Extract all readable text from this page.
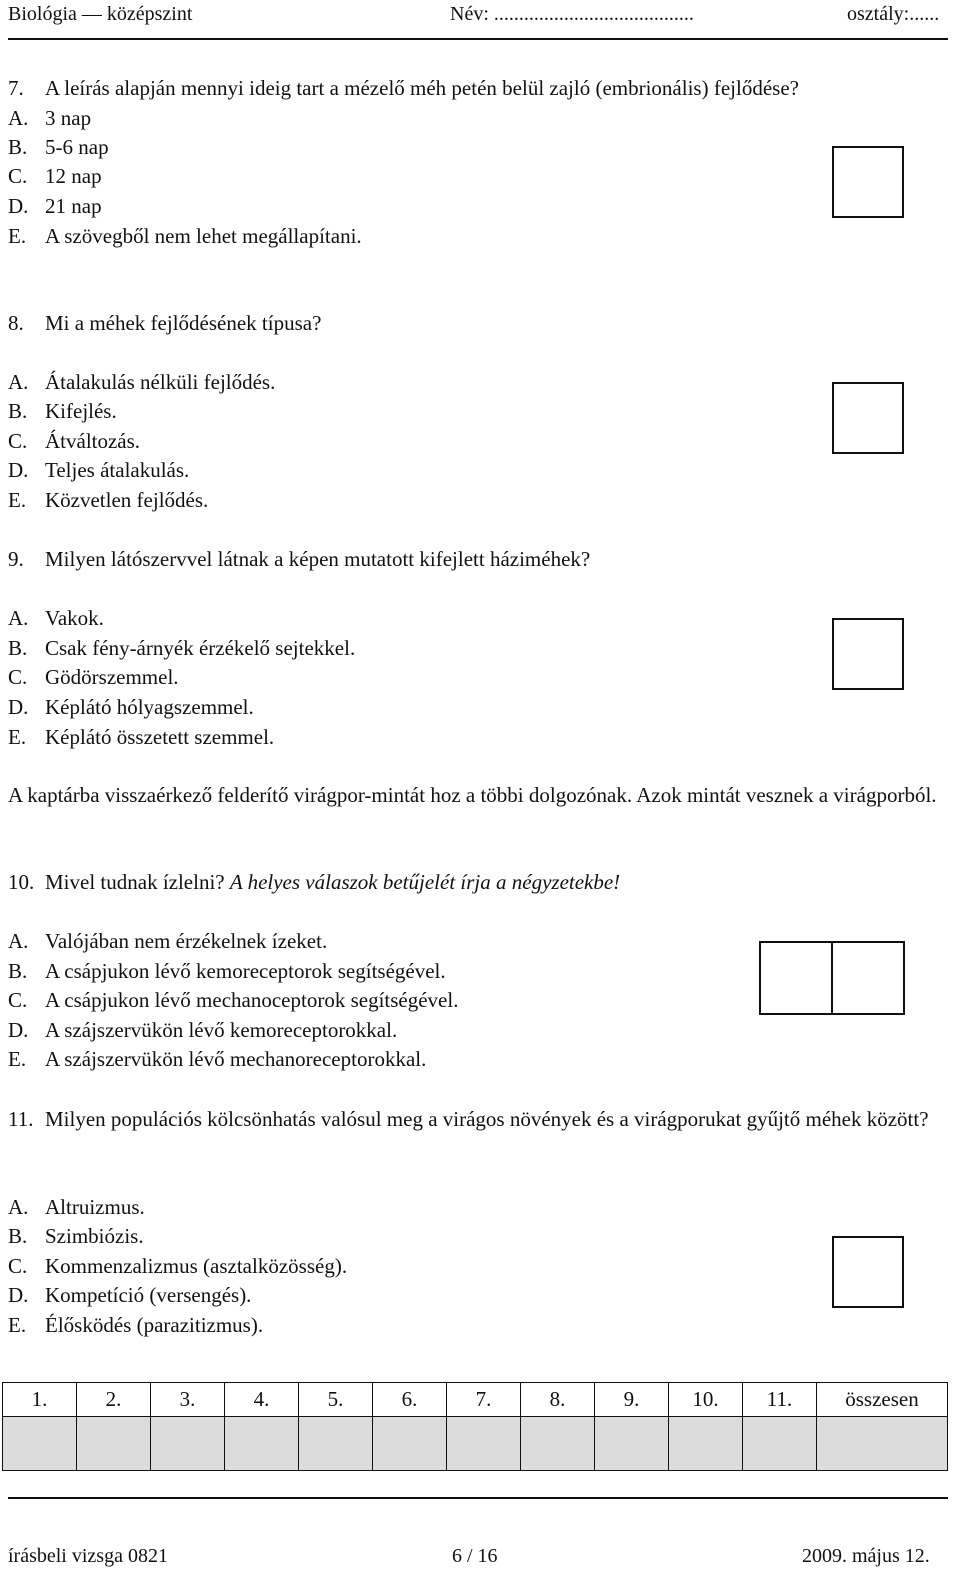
Biológia — középszint	Név: ........................................	osztály:......
7. A leírás alapján mennyi ideig tart a mézelő méh petén belül zajló (embrionális) fejlődése?
A. 3 nap
B. 5-6 nap
C. 12 nap
D. 21 nap
E. A szövegből nem lehet megállapítani.
8. Mi a méhek fejlődésének típusa?
A. Átalakulás nélküli fejlődés.
B. Kifejlés.
C. Átváltozás.
D. Teljes átalakulás.
E. Közvetlen fejlődés.
9. Milyen látószervvel látnak a képen mutatott kifejlett háziméhek?
A. Vakok.
B. Csak fény-árnyék érzékelő sejtekkel.
C. Gödörszemmel.
D. Képlátó hólyagszemmel.
E. Képlátó összetett szemmel.
A kaptárba visszaérkező felderítő virágpor-mintát hoz a többi dolgozónak. Azok mintát vesznek a virágporból.
10. Mivel tudnak ízlelni? A helyes válaszok betűjelét írja a négyzetekbe!
A. Valójában nem érzékelnek ízeket.
B. A csápjukon lévő kemoreceptorok segítségével.
C. A csápjukon lévő mechanoceptorok segítségével.
D. A szájszervükön lévő kemoreceptorokkal.
E. A szájszervükön lévő mechanoreceptorokkal.
11. Milyen populációs kölcsönhatás valósul meg a virágos növények és a virágporukat gyűjtő méhek között?
A. Altruizmus.
B. Szimbiózis.
C. Kommenzalizmus (asztalközösség).
D. Kompetíció (versengés).
E. Élősködés (parazitizmus).
1.	2.	3.	4.	5.	6.	7.	8.	9.	10.	11.	összesen

írásbeli vizsga 0821	6 / 16	2009. május 12.
